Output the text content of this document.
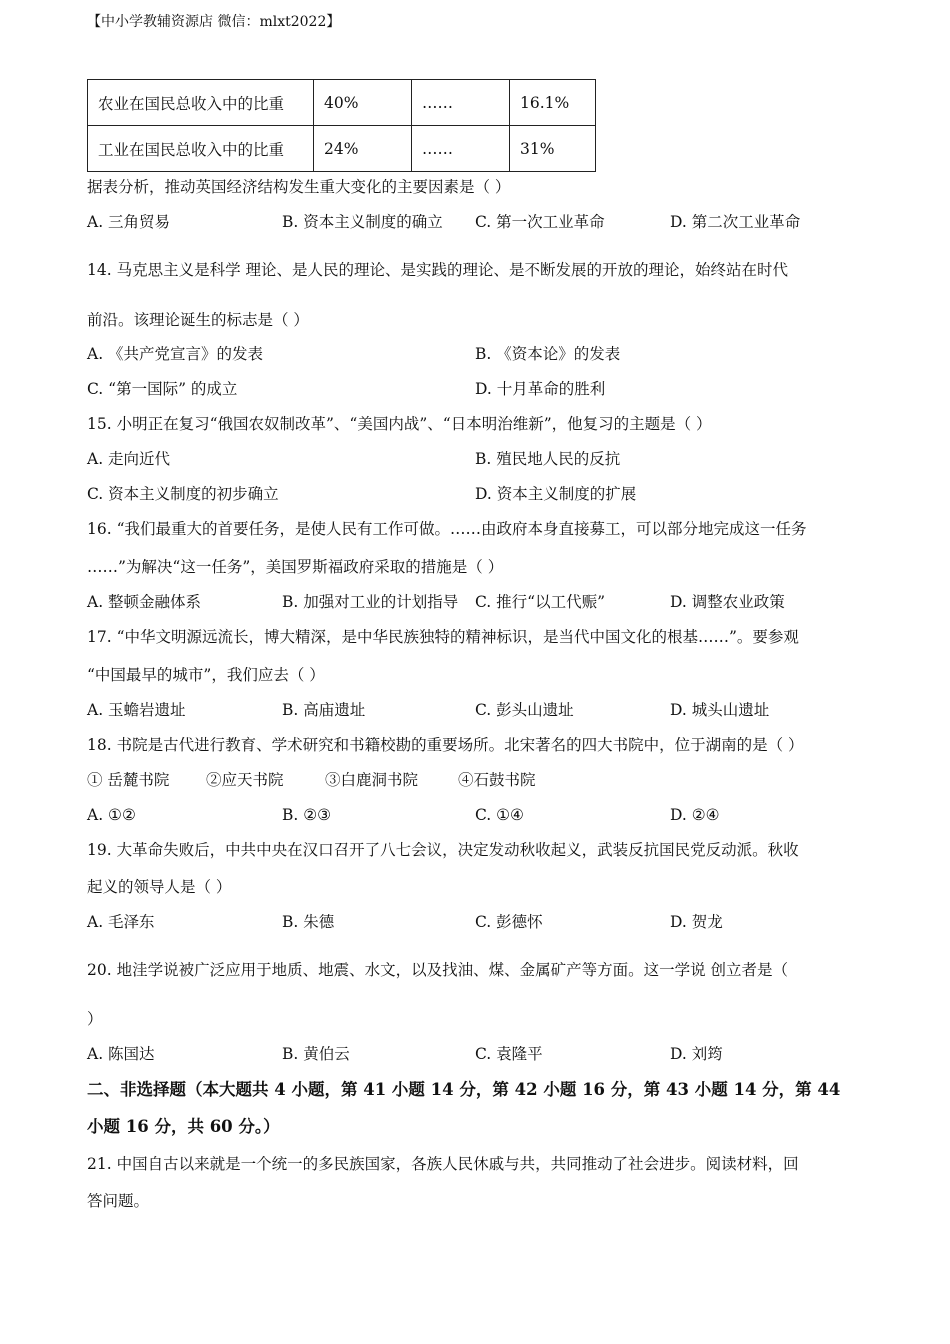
【中小学教辅资源店 微信：mlxt2022】
农业在国民总收入中的比重	40%	……	16.1%
工业在国民总收入中的比重	24%	……	31%
据表分析，推动英国经济结构发生重大变化的主要因素是（ ）
A. 三角贸易	B. 资本主义制度的确立 C. 第一次工业革命	D. 第二次工业革命
14. 马克思主义是科学 理论、是人民的理论、是实践的理论、是不断发展的开放的理论，始终站在时代
前沿。该理论诞生的标志是（ ）
A. 《共产党宣言》的发表	B. 《资本论》的发表
C. “第一国际” 的成立	D. 十月革命的胜利
15. 小明正在复习“俄国农奴制改革”、“美国内战”、“日本明治维新”，他复习的主题是（ ）
A. 走向近代	B. 殖民地人民的反抗
C. 资本主义制度的初步确立	D. 资本主义制度的扩展
16. “我们最重大的首要任务，是使人民有工作可做。……由政府本身直接募工，可以部分地完成这一任务
……”为解决“这一任务”，美国罗斯福政府采取的措施是（ ）
A. 整顿金融体系	B. 加强对工业的计划指导 C. 推行“以工代赈”	D. 调整农业政策
17. “中华文明源远流长，博大精深，是中华民族独特的精神标识，是当代中国文化的根基……”。要参观
“中国最早的城市”，我们应去（ ）
A. 玉蟾岩遗址	B. 高庙遗址	C. 彭头山遗址	D. 城头山遗址
18. 书院是古代进行教育、学术研究和书籍校勘的重要场所。北宋著名的四大书院中，位于湖南的是（ ）
① 岳麓书院 ②应天书院	③白鹿洞书院	④石鼓书院
A. ①②	B. ②③	C. ①④	D. ②④
19. 大革命失败后，中共中央在汉口召开了八七会议，决定发动秋收起义，武装反抗国民党反动派。秋收
起义的领导人是（ ）
A. 毛泽东	B. 朱德	C. 彭德怀	D. 贺龙
20. 地洼学说被广泛应用于地质、地震、水文，以及找油、煤、金属矿产等方面。这一学说 创立者是（
）
A. 陈国达	B. 黄伯云	C. 袁隆平	D. 刘筠
二、非选择题（本大题共 4 小题，第 41 小题 14 分，第 42 小题 16 分，第 43 小题 14 分，第 44
小题 16 分，共 60 分。）
21. 中国自古以来就是一个统一的多民族国家，各族人民休戚与共，共同推动了社会进步。阅读材料，回
答问题。
